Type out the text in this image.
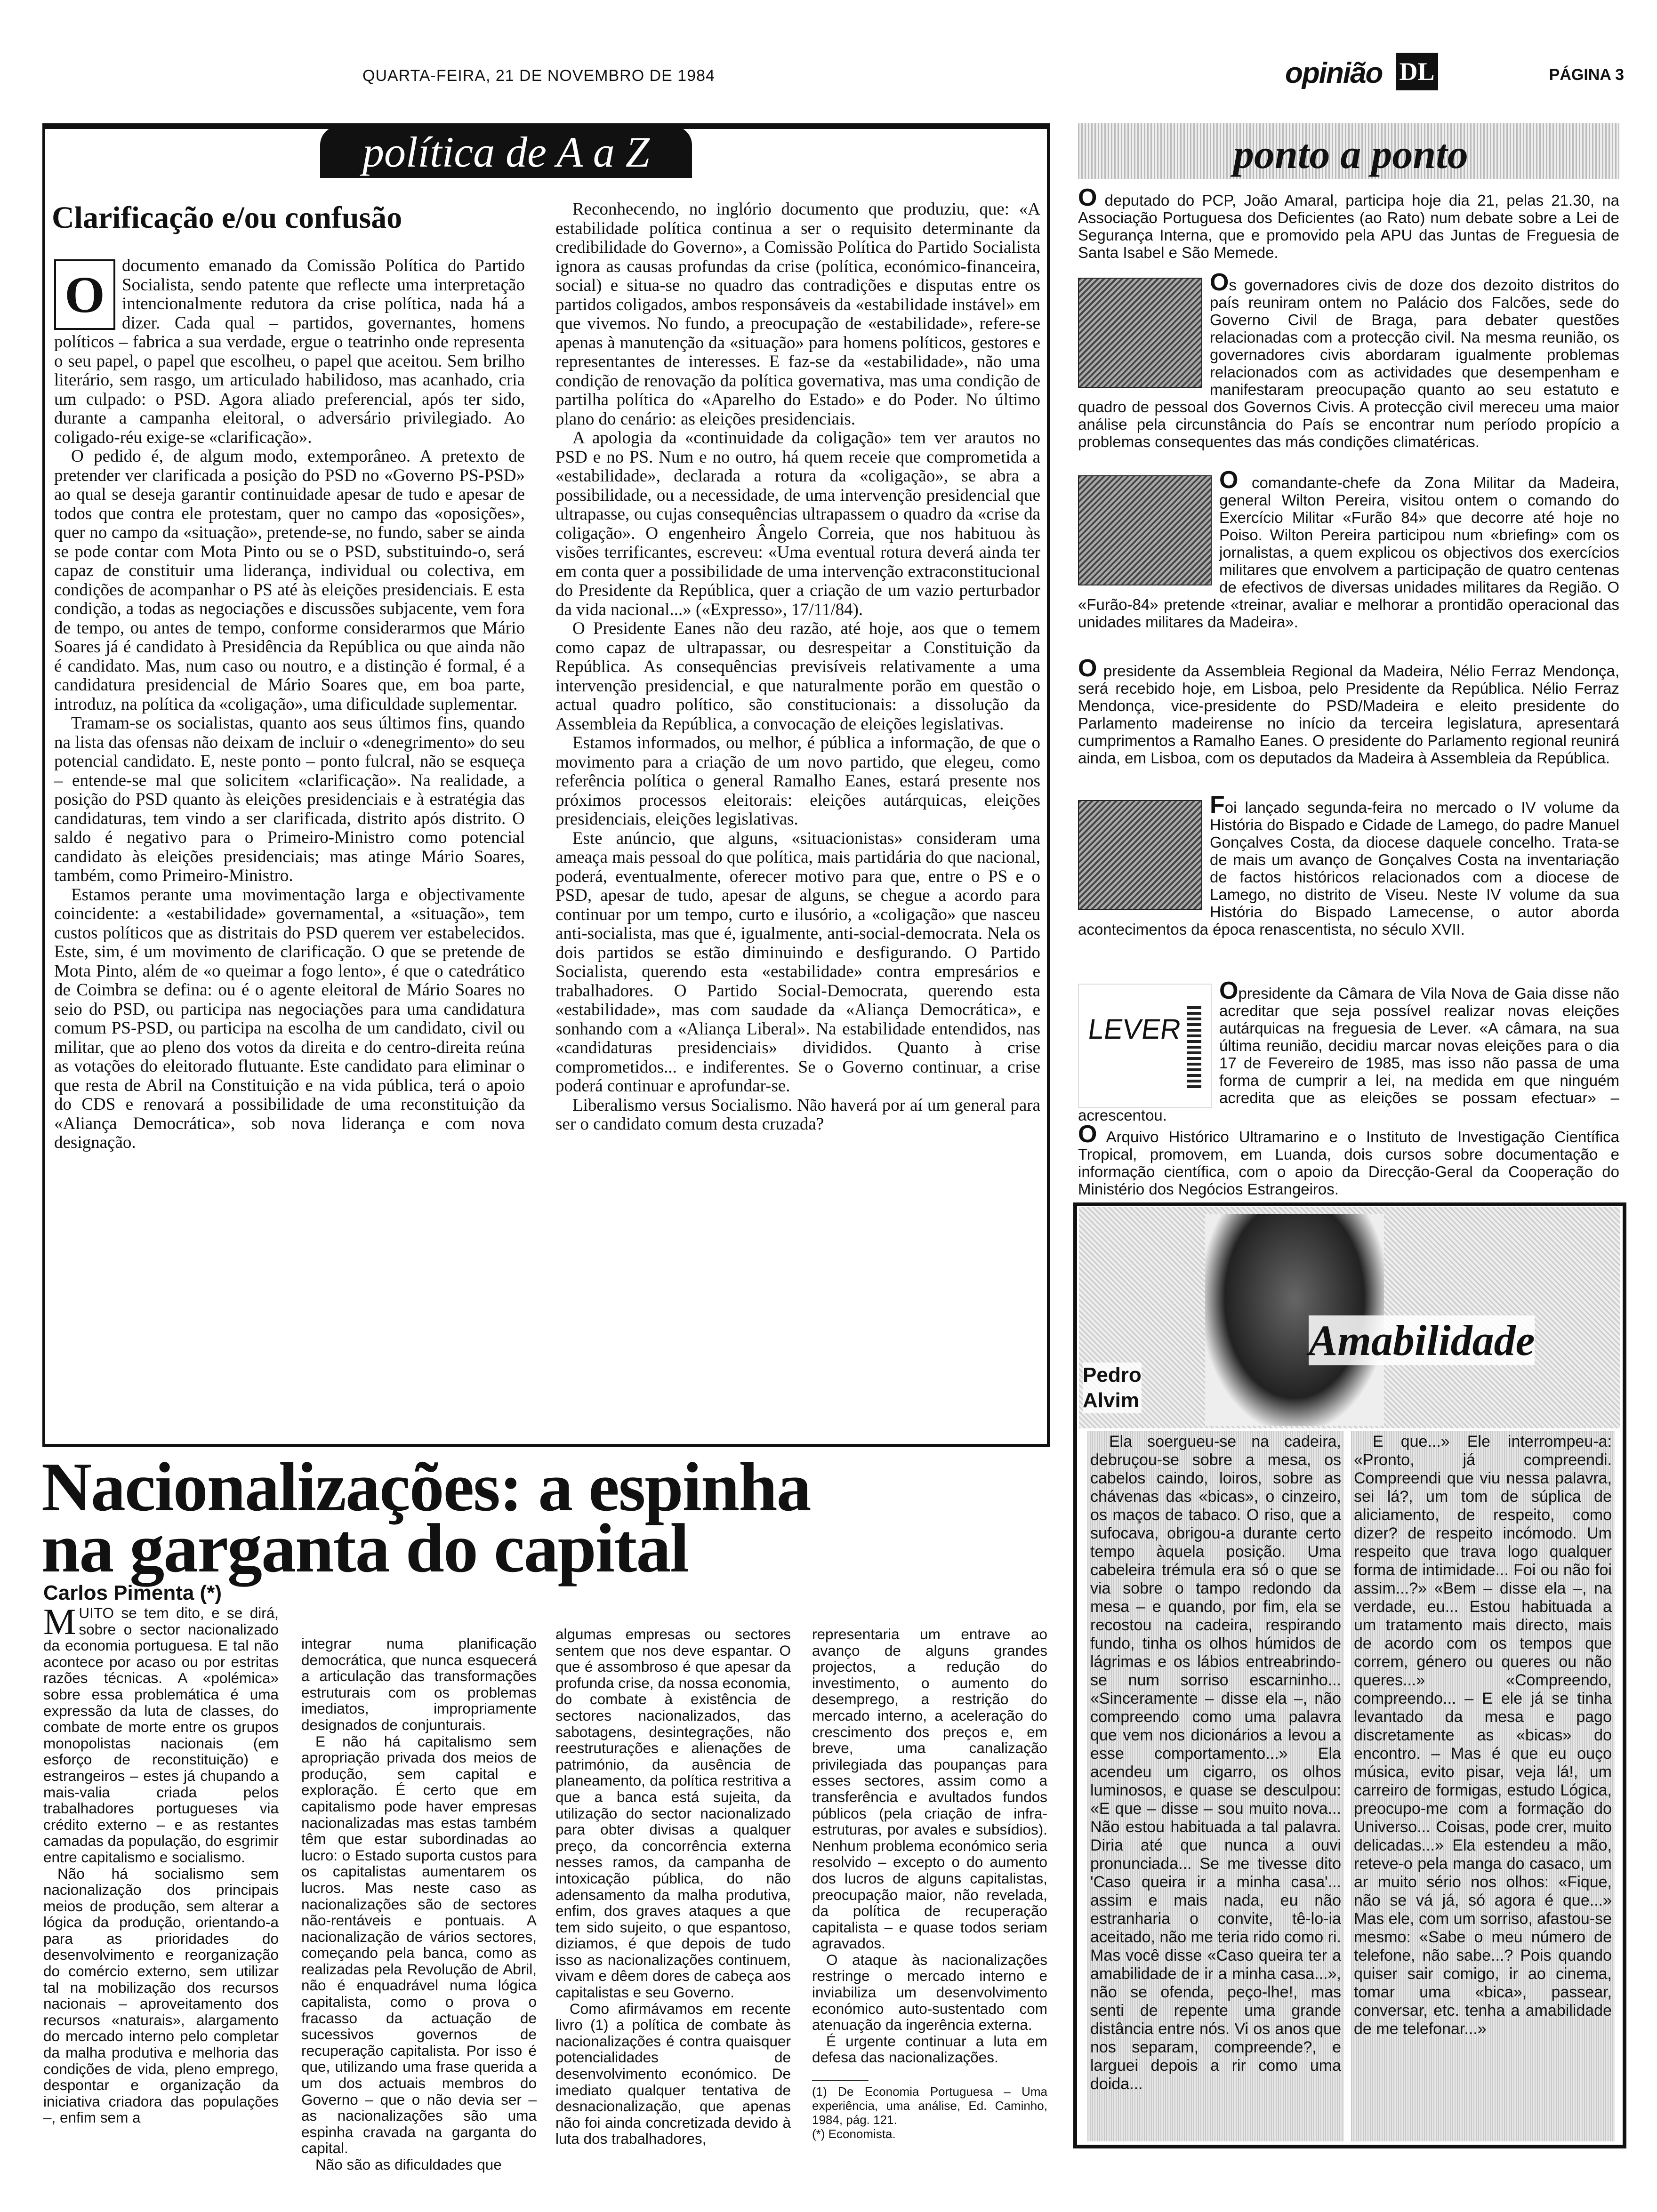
QUARTA-FEIRA, 21 DE NOVEMBRO DE 1984	opinião DL	PÁGINA 3
política de A a Z
Clarificação e/ou confusão

O
documento emanado da Comissão Política do Partido Socialista, sendo patente que reflecte uma interpretação intencionalmente redutora da crise política, nada há a dizer. Cada qual – partidos, governantes, homens políticos – fabrica a sua verdade, ergue o teatrinho onde representa o seu papel, o papel que escolheu, o papel que aceitou. Sem brilho literário, sem rasgo, um articulado habilidoso, mas acanhado, cria um culpado: o PSD. Agora aliado preferencial, após ter sido, durante a campanha eleitoral, o adversário privilegiado. Ao coligado-réu exige-se «clarificação».

O pedido é, de algum modo, extemporâneo. A pretexto de pretender ver clarificada a posição do PSD no «Governo PS-PSD» ao qual se deseja garantir continuidade apesar de tudo e apesar de todos que contra ele protestam, quer no campo das «oposições», quer no campo da «situação», pretende-se, no fundo, saber se ainda se pode contar com Mota Pinto ou se o PSD, substituindo-o, será capaz de constituir uma liderança, individual ou colectiva, em condições de acompanhar o PS até às eleições presidenciais. E esta condição, a todas as negociações e discussões subjacente, vem fora de tempo, ou antes de tempo, conforme considerarmos que Mário Soares já é candidato à Presidência da República ou que ainda não é candidato. Mas, num caso ou noutro, e a distinção é formal, é a candidatura presidencial de Mário Soares que, em boa parte, introduz, na política da «coligação», uma dificuldade suplementar.

Tramam-se os socialistas, quanto aos seus últimos fins, quando na lista das ofensas não deixam de incluir o «denegrimento» do seu potencial candidato. E, neste ponto – ponto fulcral, não se esqueça – entende-se mal que solicitem «clarificação». Na realidade, a posição do PSD quanto às eleições presidenciais e à estratégia das candidaturas, tem vindo a ser clarificada, distrito após distrito. O saldo é negativo para o Primeiro-Ministro como potencial candidato às eleições presidenciais; mas atinge Mário Soares, também, como Primeiro-Ministro.

Estamos perante uma movimentação larga e objectivamente coincidente: a «estabilidade» governamental, a «situação», tem custos políticos que as distritais do PSD querem ver estabelecidos. Este, sim, é um movimento de clarificação. O que se pretende de Mota Pinto, além de «o queimar a fogo lento», é que o catedrático de Coimbra se defina: ou é o agente eleitoral de Mário Soares no seio do PSD, ou participa nas negociações para uma candidatura comum PS-PSD, ou participa na escolha de um candidato, civil ou militar, que ao pleno dos votos da direita e do centro-direita reúna as votações do eleitorado flutuante. Este candidato para eliminar o que resta de Abril na Constituição e na vida pública, terá o apoio do CDS e renovará a possibilidade de uma reconstituição da «Aliança Democrática», sob nova liderança e com nova designação.

Reconhecendo, no inglório documento que produziu, que: «A estabilidade política continua a ser o requisito determinante da credibilidade do Governo», a Comissão Política do Partido Socialista ignora as causas profundas da crise (política, económico-financeira, social) e situa-se no quadro das contradições e disputas entre os partidos coligados, ambos responsáveis da «estabilidade instável» em que vivemos. No fundo, a preocupação de «estabilidade», refere-se apenas à manutenção da «situação» para homens políticos, gestores e representantes de interesses. E faz-se da «estabilidade», não uma condição de renovação da política governativa, mas uma condição de partilha política do «Aparelho do Estado» e do Poder. No último plano do cenário: as eleições presidenciais.

A apologia da «continuidade da coligação» tem ver arautos no PSD e no PS. Num e no outro, há quem receie que comprometida a «estabilidade», declarada a rotura da «coligação», se abra a possibilidade, ou a necessidade, de uma intervenção presidencial que ultrapasse, ou cujas consequências ultrapassem o quadro da «crise da coligação». O engenheiro Ângelo Correia, que nos habituou às visões terrificantes, escreveu: «Uma eventual rotura deverá ainda ter em conta quer a possibilidade de uma intervenção extraconstitucional do Presidente da República, quer a criação de um vazio perturbador da vida nacional...» («Expresso», 17/11/84).

O Presidente Eanes não deu razão, até hoje, aos que o temem como capaz de ultrapassar, ou desrespeitar a Constituição da República. As consequências previsíveis relativamente a uma intervenção presidencial, e que naturalmente porão em questão o actual quadro político, são constitucionais: a dissolução da Assembleia da República, a convocação de eleições legislativas.

Estamos informados, ou melhor, é pública a informação, de que o movimento para a criação de um novo partido, que elegeu, como referência política o general Ramalho Eanes, estará presente nos próximos processos eleitorais: eleições autárquicas, eleições presidenciais, eleições legislativas.

Este anúncio, que alguns, «situacionistas» consideram uma ameaça mais pessoal do que política, mais partidária do que nacional, poderá, eventualmente, oferecer motivo para que, entre o PS e o PSD, apesar de tudo, apesar de alguns, se chegue a acordo para continuar por um tempo, curto e ilusório, a «coligação» que nasceu anti-socialista, mas que é, igualmente, anti-social-democrata. Nela os dois partidos se estão diminuindo e desfigurando. O Partido Socialista, querendo esta «estabilidade» contra empresários e trabalhadores. O Partido Social-Democrata, querendo esta «estabilidade», mas com saudade da «Aliança Democrática», e sonhando com a «Aliança Liberal». Na estabilidade entendidos, nas «candidaturas presidenciais» divididos. Quanto à crise comprometidos... e indiferentes. Se o Governo continuar, a crise poderá continuar e aprofundar-se.

Liberalismo versus Socialismo. Não haverá por aí um general para ser o candidato comum desta cruzada?

ponto a ponto
O deputado do PCP, João Amaral, participa hoje dia 21, pelas 21.30, na Associação Portuguesa dos Deficientes (ao Rato) num debate sobre a Lei de Segurança Interna, que e promovido pela APU das Juntas de Freguesia de Santa Isabel e São Memede.
Os governadores civis de doze dos dezoito distritos do país reuniram ontem no Palácio dos Falcões, sede do Governo Civil de Braga, para debater questões relacionadas com a protecção civil. Na mesma reunião, os governadores civis abordaram igualmente problemas relacionados com as actividades que desempenham e manifestaram preocupação quanto ao seu estatuto e quadro de pessoal dos Governos Civis. A protecção civil mereceu uma maior análise pela circunstância do País se encontrar num período propício a problemas consequentes das más condições climatéricas.
O comandante-chefe da Zona Militar da Madeira, general Wilton Pereira, visitou ontem o comando do Exercício Militar «Furão 84» que decorre até hoje no Poiso. Wilton Pereira participou num «briefing» com os jornalistas, a quem explicou os objectivos dos exercícios militares que envolvem a participação de quatro centenas de efectivos de diversas unidades militares da Região. O «Furão-84» pretende «treinar, avaliar e melhorar a prontidão operacional das unidades militares da Madeira».
O presidente da Assembleia Regional da Madeira, Nélio Ferraz Mendonça, será recebido hoje, em Lisboa, pelo Presidente da República. Nélio Ferraz Mendonça, vice-presidente do PSD/Madeira e eleito presidente do Parlamento madeirense no início da terceira legislatura, apresentará cumprimentos a Ramalho Eanes. O presidente do Parlamento regional reunirá ainda, em Lisboa, com os deputados da Madeira à Assembleia da República.
Foi lançado segunda-feira no mercado o IV volume da História do Bispado e Cidade de Lamego, do padre Manuel Gonçalves Costa, da diocese daquele concelho. Trata-se de mais um avanço de Gonçalves Costa na inventariação de factos históricos relacionados com a diocese de Lamego, no distrito de Viseu. Neste IV volume da sua História do Bispado Lamecense, o autor aborda acontecimentos da época renascentista, no século XVII.
LEVER
Opresidente da Câmara de Vila Nova de Gaia disse não acreditar que seja possível realizar novas eleições autárquicas na freguesia de Lever. «A câmara, na sua última reunião, decidiu marcar novas eleições para o dia 17 de Fevereiro de 1985, mas isso não passa de uma forma de cumprir a lei, na medida em que ninguém acredita que as eleições se possam efectuar» – acrescentou.
O Arquivo Histórico Ultramarino e o Instituto de Investigação Científica Tropical, promovem, em Luanda, dois cursos sobre documentação e informação científica, com o apoio da Direcção-Geral da Cooperação do Ministério dos Negócios Estrangeiros.
Amabilidade
Pedro
Alvim

Ela soergueu-se na cadeira, debruçou-se sobre a mesa, os cabelos caindo, loiros, sobre as chávenas das «bicas», o cinzeiro, os maços de tabaco. O riso, que a sufocava, obrigou-a durante certo tempo àquela posição. Uma cabeleira trémula era só o que se via sobre o tampo redondo da mesa – e quando, por fim, ela se recostou na cadeira, respirando fundo, tinha os olhos húmidos de lágrimas e os lábios entreabrindo-se num sorriso escarninho... «Sinceramente – disse ela –, não compreendo como uma palavra que vem nos dicionários a levou a esse comportamento...» Ela acendeu um cigarro, os olhos luminosos, e quase se desculpou: «E que – disse – sou muito nova... Não estou habituada a tal palavra. Diria até que nunca a ouvi pronunciada... Se me tivesse dito 'Caso queira ir a minha casa'... assim e mais nada, eu não estranharia o convite, tê-lo-ia aceitado, não me teria rido como ri. Mas você disse «Caso queira ter a amabilidade de ir a minha casa...», não se ofenda, peço-lhe!, mas senti de repente uma grande distância entre nós. Vi os anos que nos separam, compreende?, e larguei depois a rir como uma doida...

E que...» Ele interrompeu-a: «Pronto, já compreendi. Compreendi que viu nessa palavra, sei lá?, um tom de súplica de aliciamento, de respeito, como dizer? de respeito incómodo. Um respeito que trava logo qualquer forma de intimidade... Foi ou não foi assim...?» «Bem – disse ela –, na verdade, eu... Estou habituada a um tratamento mais directo, mais de acordo com os tempos que correm, género ou queres ou não queres...» «Compreendo, compreendo... – E ele já se tinha levantado da mesa e pago discretamente as «bicas» do encontro. – Mas é que eu ouço música, evito pisar, veja lá!, um carreiro de formigas, estudo Lógica, preocupo-me com a formação do Universo... Coisas, pode crer, muito delicadas...» Ela estendeu a mão, reteve-o pela manga do casaco, um ar muito sério nos olhos: «Fique, não se vá já, só agora é que...» Mas ele, com um sorriso, afastou-se mesmo: «Sabe o meu número de telefone, não sabe...? Pois quando quiser sair comigo, ir ao cinema, tomar uma «bica», passear, conversar, etc. tenha a amabilidade de me telefonar...»

Nacionalizações: a espinha
na garganta do capital
Carlos Pimenta (*)

MUITO se tem dito, e se dirá, sobre o sector nacionalizado da economia portuguesa. E tal não acontece por acaso ou por estritas razões técnicas. A «polémica» sobre essa problemática é uma expressão da luta de classes, do combate de morte entre os grupos monopolistas nacionais (em esforço de reconstituição) e estrangeiros – estes já chupando a mais-valia criada pelos trabalhadores portugueses via crédito externo – e as restantes camadas da população, do esgrimir entre capitalismo e socialismo.

Não há socialismo sem nacionalização dos principais meios de produção, sem alterar a lógica da produção, orientando-a para as prioridades do desenvolvimento e reorganização do comércio externo, sem utilizar tal na mobilização dos recursos nacionais – aproveitamento dos recursos «naturais», alargamento do mercado interno pelo completar da malha produtiva e melhoria das condições de vida, pleno emprego, despontar e organização da iniciativa criadora das populações –, enfim sem a

integrar numa planificação democrática, que nunca esquecerá a articulação das transformações estruturais com os problemas imediatos, impropriamente designados de conjunturais.

E não há capitalismo sem apropriação privada dos meios de produção, sem capital e exploração. É certo que em capitalismo pode haver empresas nacionalizadas mas estas também têm que estar subordinadas ao lucro: o Estado suporta custos para os capitalistas aumentarem os lucros. Mas neste caso as nacionalizações são de sectores não-rentáveis e pontuais. A nacionalização de vários sectores, começando pela banca, como as realizadas pela Revolução de Abril, não é enquadrável numa lógica capitalista, como o prova o fracasso da actuação de sucessivos governos de recuperação capitalista. Por isso é que, utilizando uma frase querida a um dos actuais membros do Governo – que o não devia ser – as nacionalizações são uma espinha cravada na garganta do capital.

Não são as dificuldades que

algumas empresas ou sectores sentem que nos deve espantar. O que é assombroso é que apesar da profunda crise, da nossa economia, do combate à existência de sectores nacionalizados, das sabotagens, desintegrações, não reestruturações e alienações de património, da ausência de planeamento, da política restritiva a que a banca está sujeita, da utilização do sector nacionalizado para obter divisas a qualquer preço, da concorrência externa nesses ramos, da campanha de intoxicação pública, do não adensamento da malha produtiva, enfim, dos graves ataques a que tem sido sujeito, o que espantoso, diziamos, é que depois de tudo isso as nacionalizações continuem, vivam e dêem dores de cabeça aos capitalistas e seu Governo.

Como afirmávamos em recente livro (1) a política de combate às nacionalizações é contra quaisquer potencialidades de desenvolvimento económico. De imediato qualquer tentativa de desnacionalização, que apenas não foi ainda concretizada devido à luta dos trabalhadores,

representaria um entrave ao avanço de alguns grandes projectos, a redução do investimento, o aumento do desemprego, a restrição do mercado interno, a aceleração do crescimento dos preços e, em breve, uma canalização privilegiada das poupanças para esses sectores, assim como a transferência e avultados fundos públicos (pela criação de infra-estruturas, por avales e subsídios). Nenhum problema económico seria resolvido – excepto o do aumento dos lucros de alguns capitalistas, preocupação maior, não revelada, da política de recuperação capitalista – e quase todos seriam agravados.

O ataque às nacionalizações restringe o mercado interno e inviabiliza um desenvolvimento económico auto-sustentado com atenuação da ingerência externa.

É urgente continuar a luta em defesa das nacionalizações.

(1) De Economia Portuguesa – Uma experiência, uma análise, Ed. Caminho, 1984, pág. 121.

(*) Economista.
